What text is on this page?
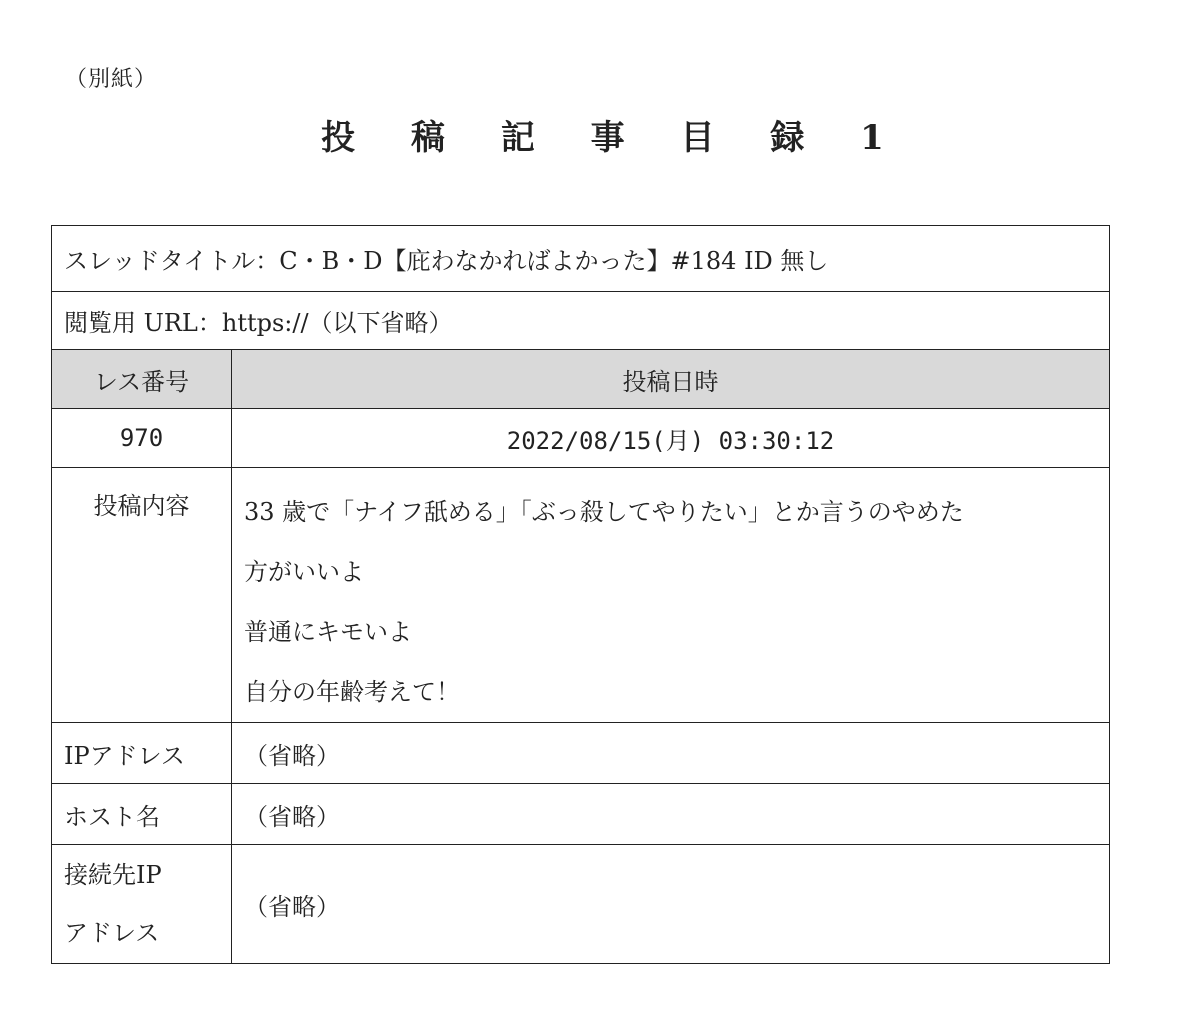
（別紙）
投 稿 記 事 目 録 1
スレッドタイトル：C・B・D【庇わなかればよかった】#184 ID 無し	
閲覧用 URL：https://（以下省略）	
レス番号	投稿日時
970	2022/08/15(月) 03:30:12
投稿内容	33 歳で「ナイフ舐める」「ぶっ殺してやりたい」とか言うのやめた
方がいいよ
普通にキモいよ
自分の年齢考えて！

IPアドレス	（省略）
ホスト名	（省略）

接続先IP
アドレス	（省略）
